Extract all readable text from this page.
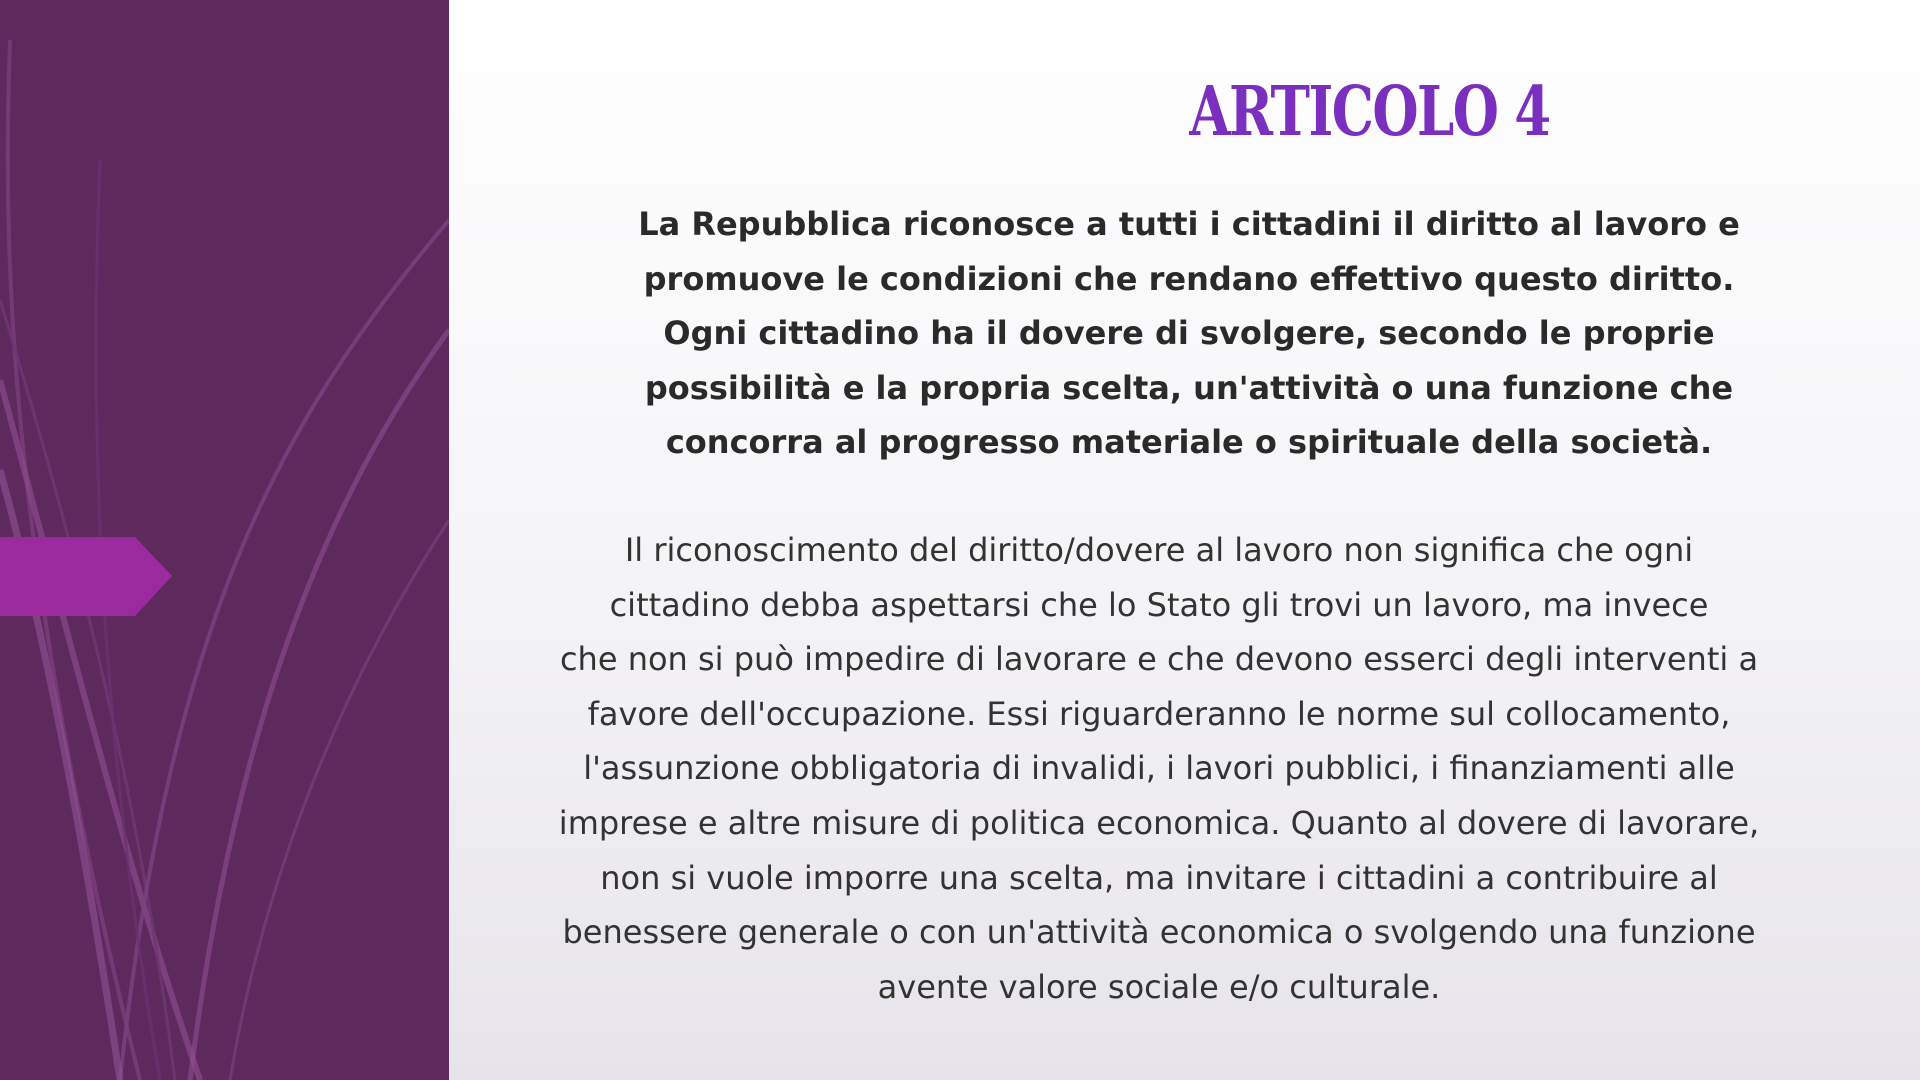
ARTICOLO 4

La Repubblica riconosce a tutti i cittadini il diritto al lavoro e
promuove le condizioni che rendano effettivo questo diritto.
Ogni cittadino ha il dovere di svolgere, secondo le proprie
possibilità e la propria scelta, un'attività o una funzione che
concorra al progresso materiale o spirituale della società.

Il riconoscimento del diritto/dovere al lavoro non significa che ogni
cittadino debba aspettarsi che lo Stato gli trovi un lavoro, ma invece
che non si può impedire di lavorare e che devono esserci degli interventi a
favore dell'occupazione. Essi riguarderanno le norme sul collocamento,
l'assunzione obbligatoria di invalidi, i lavori pubblici, i finanziamenti alle
imprese e altre misure di politica economica. Quanto al dovere di lavorare,
non si vuole imporre una scelta, ma invitare i cittadini a contribuire al
benessere generale o con un'attività economica o svolgendo una funzione
avente valore sociale e/o culturale.
